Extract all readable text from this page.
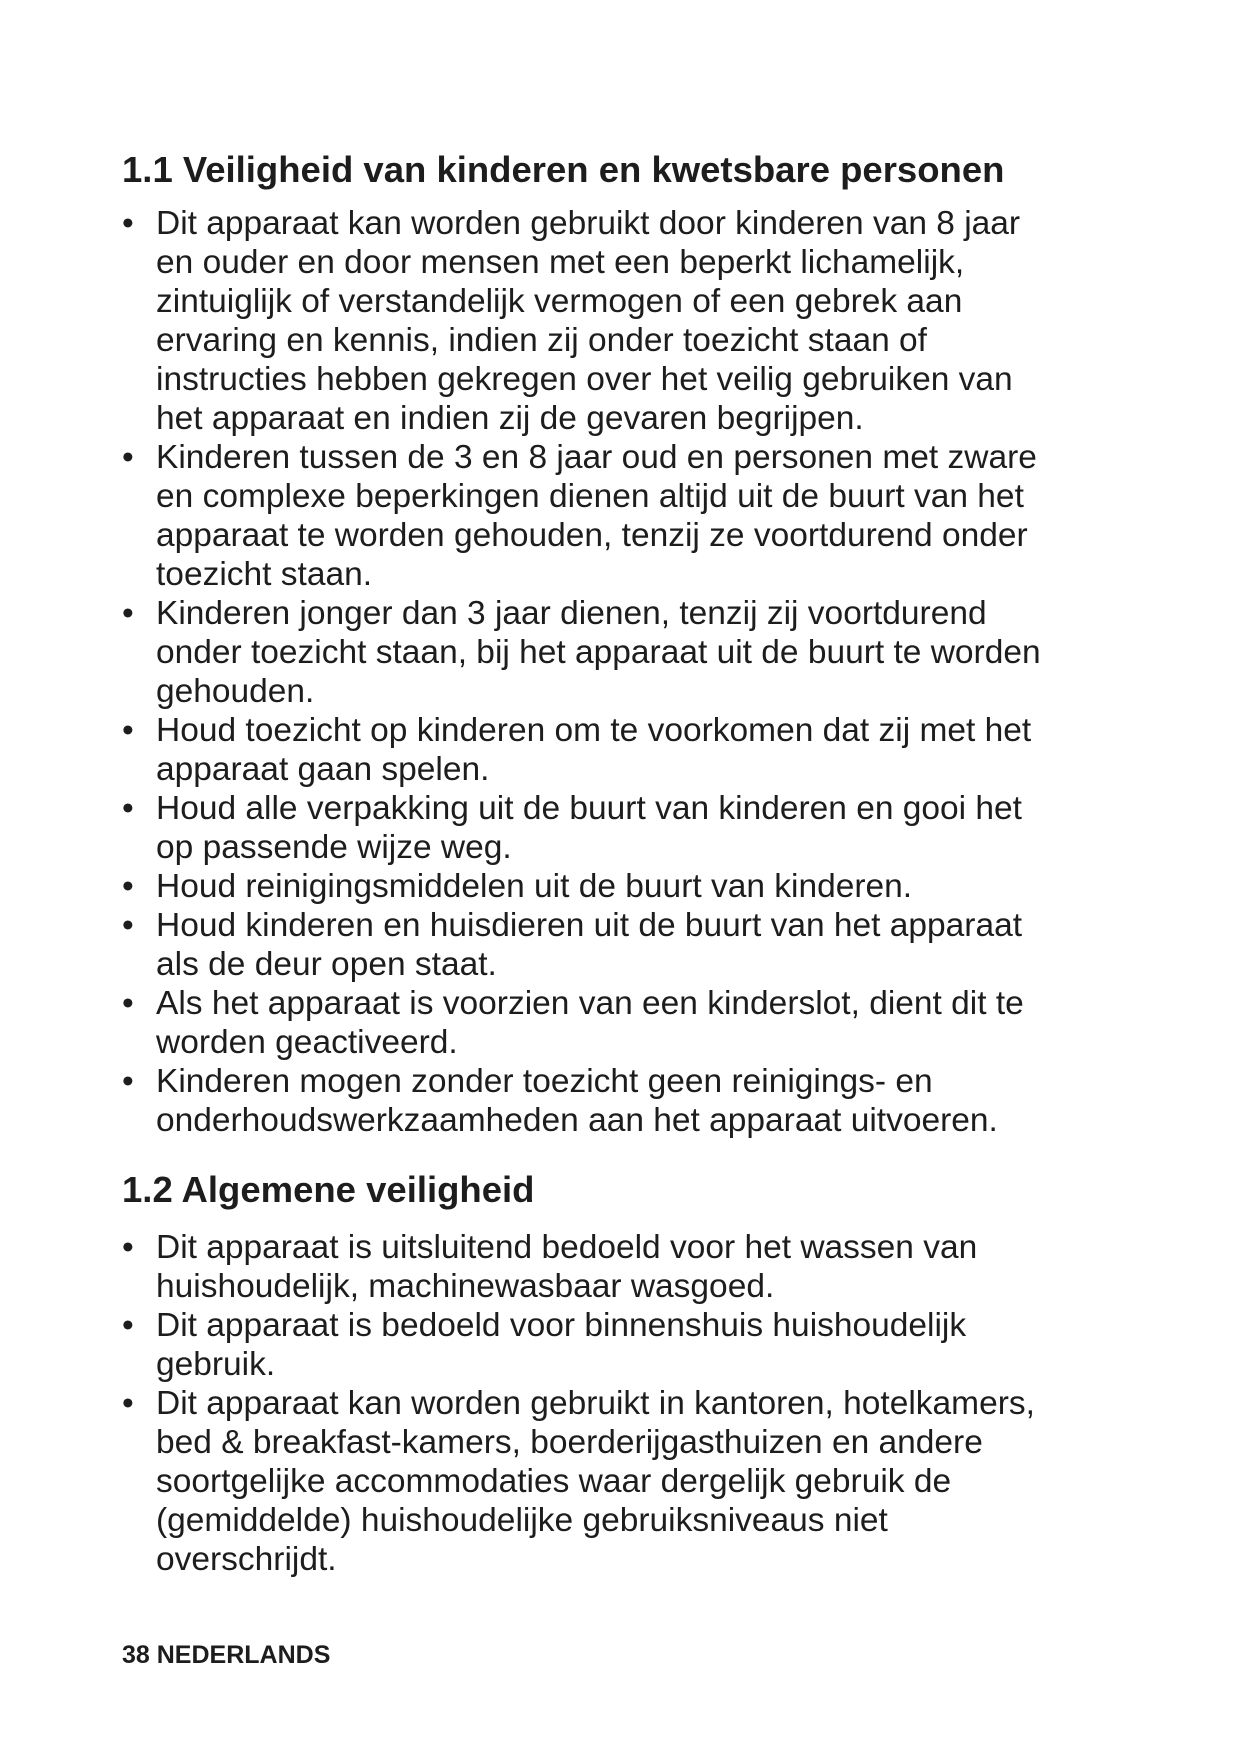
1.1 Veiligheid van kinderen en kwetsbare personen
• Dit apparaat kan worden gebruikt door kinderen van 8 jaar
en ouder en door mensen met een beperkt lichamelijk,
zintuiglijk of verstandelijk vermogen of een gebrek aan
ervaring en kennis, indien zij onder toezicht staan of
instructies hebben gekregen over het veilig gebruiken van
het apparaat en indien zij de gevaren begrijpen.
• Kinderen tussen de 3 en 8 jaar oud en personen met zware
en complexe beperkingen dienen altijd uit de buurt van het
apparaat te worden gehouden, tenzij ze voortdurend onder
toezicht staan.
• Kinderen jonger dan 3 jaar dienen, tenzij zij voortdurend
onder toezicht staan, bij het apparaat uit de buurt te worden
gehouden.
• Houd toezicht op kinderen om te voorkomen dat zij met het
apparaat gaan spelen.
• Houd alle verpakking uit de buurt van kinderen en gooi het
op passende wijze weg.
• Houd reinigingsmiddelen uit de buurt van kinderen.
• Houd kinderen en huisdieren uit de buurt van het apparaat
als de deur open staat.
• Als het apparaat is voorzien van een kinderslot, dient dit te
worden geactiveerd.
• Kinderen mogen zonder toezicht geen reinigings- en
onderhoudswerkzaamheden aan het apparaat uitvoeren.
1.2 Algemene veiligheid
• Dit apparaat is uitsluitend bedoeld voor het wassen van
huishoudelijk, machinewasbaar wasgoed.
• Dit apparaat is bedoeld voor binnenshuis huishoudelijk
gebruik.
• Dit apparaat kan worden gebruikt in kantoren, hotelkamers,
bed & breakfast-kamers, boerderijgasthuizen en andere
soortgelijke accommodaties waar dergelijk gebruik de
(gemiddelde) huishoudelijke gebruiksniveaus niet
overschrijdt.
38 NEDERLANDS
